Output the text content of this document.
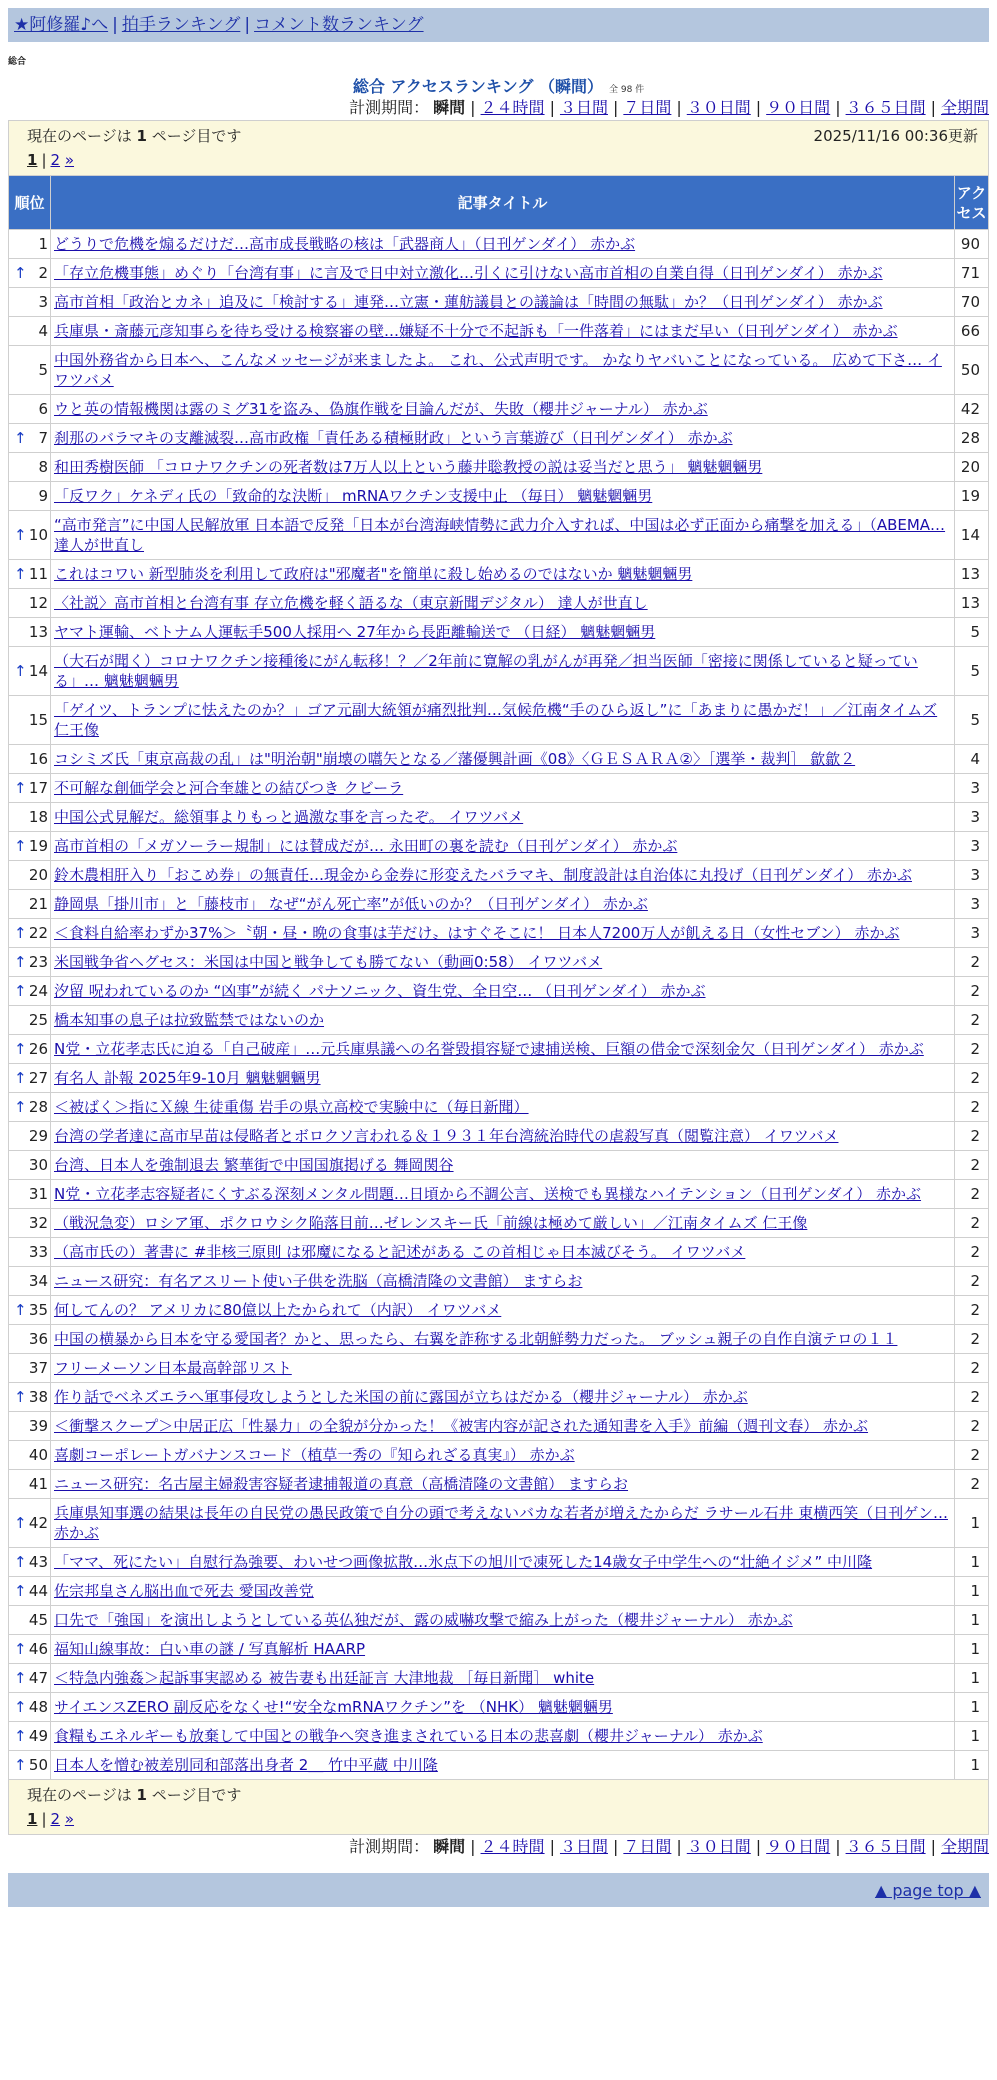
★阿修羅♪へ | 拍手ランキング | コメント数ランキング
総合
総合 アクセスランキング （瞬間） 全 98 件
計測期間： 瞬間 | ２４時間 | ３日間 | ７日間 | ３０日間 | ９０日間 | ３６５日間 | 全期間
現在のページは 1 ページ目です	2025/11/16 00:36更新
1 | 2 »
順位	記事タイトル	アクセス
1	どうりで危機を煽るだけだ…高市成長戦略の核は「武器商人」（日刊ゲンダイ） 赤かぶ	90

↑ 2	「存立危機事態」めぐり「台湾有事」に言及で日中対立激化…引くに引けない高市首相の自業自得（日刊ゲンダイ） 赤かぶ	71
3	高市首相「政治とカネ」追及に「検討する」連発…立憲・蓮舫議員との議論は「時間の無駄」か？（日刊ゲンダイ） 赤かぶ	70
4	兵庫県・斎藤元彦知事らを待ち受ける検察審の壁…嫌疑不十分で不起訴も「一件落着」にはまだ早い（日刊ゲンダイ） 赤かぶ	66
5	中国外務省から日本へ、こんなメッセージが来ましたよ。 これ、公式声明です。 かなりヤバいことになっている。 広めて下さ… イワツバメ	50
6	ウと英の情報機関は露のミグ31を盗み、偽旗作戦を目論んだが、失敗（櫻井ジャーナル） 赤かぶ	42

↑ 7	刹那のバラマキの支離滅裂…高市政権「責任ある積極財政」という言葉遊び（日刊ゲンダイ） 赤かぶ	28
8	和田秀樹医師 「コロナワクチンの死者数は7万人以上という藤井聡教授の説は妥当だと思う」 魑魅魍魎男	20
9	「反ワク」ケネディ氏の「致命的な決断」 mRNAワクチン支援中止 （毎日） 魑魅魍魎男	19

↑ 10	“高市発言”に中国人民解放軍 日本語で反発「日本が台湾海峡情勢に武力介入すれば、中国は必ず正面から痛撃を加える」（ABEMA… 達人が世直し	14

↑ 11	これはコワい 新型肺炎を利用して政府は"邪魔者"を簡単に殺し始めるのではないか 魑魅魍魎男	13
12	〈社説〉高市首相と台湾有事 存立危機を軽く語るな（東京新聞デジタル） 達人が世直し	13
13	ヤマト運輸、ベトナム人運転手500人採用へ 27年から長距離輸送で （日経） 魑魅魍魎男	5

↑ 14	（大石が聞く）コロナワクチン接種後にがん転移！？／2年前に寛解の乳がんが再発／担当医師「密接に関係していると疑っている」… 魑魅魍魎男	5
15	「ゲイツ、トランプに怯えたのか？」ゴア元副大統領が痛烈批判…気候危機“手のひら返し”に「あまりに愚かだ！」／江南タイムズ 仁王像	5
16	コシミズ氏「東京高裁の乱」は"明治朝"崩壊の嚆矢となる／藩優興計画《08》〈ＧＥＳＡＲＡ②〉［選挙・裁判］ 歙歙２	4

↑ 17	不可解な創価学会と河合奎雄との結びつき クビーラ	3
18	中国公式見解だ。総領事よりもっと過激な事を言ったぞ。 イワツバメ	3

↑ 19	高市首相の「メガソーラー規制」には賛成だが… 永田町の裏を読む（日刊ゲンダイ） 赤かぶ	3
20	鈴木農相肝入り「おこめ券」の無責任…現金から金券に形変えたバラマキ、制度設計は自治体に丸投げ（日刊ゲンダイ） 赤かぶ	3
21	静岡県「掛川市」と「藤枝市」 なぜ“がん死亡率”が低いのか？（日刊ゲンダイ） 赤かぶ	3

↑ 22	＜食料自給率わずか37%＞〝朝・昼・晩の食事は芋だけ〟はすぐそこに！ 日本人7200万人が飢える日（女性セブン） 赤かぶ	3

↑ 23	米国戦争省ヘグセス：米国は中国と戦争しても勝てない（動画0:58） イワツバメ	2

↑ 24	汐留 呪われているのか “凶事”が続く パナソニック、資生党、全日空… （日刊ゲンダイ） 赤かぶ	2
25	橋本知事の息子は拉致監禁ではないのか	2

↑ 26	N党・立花孝志氏に迫る「自己破産」…元兵庫県議への名誉毀損容疑で逮捕送検、巨額の借金で深刻金欠（日刊ゲンダイ） 赤かぶ	2

↑ 27	有名人 訃報 2025年9-10月 魑魅魍魎男	2

↑ 28	＜被ばく＞指にＸ線 生徒重傷 岩手の県立高校で実験中に（毎日新聞）	2
29	台湾の学者達に高市早苗は侵略者とボロクソ言われる＆１９３１年台湾統治時代の虐殺写真（閲覧注意） イワツバメ	2
30	台湾、日本人を強制退去 繁華街で中国国旗掲げる 舞岡関谷	2
31	N党・立花孝志容疑者にくすぶる深刻メンタル問題…日頃から不調公言、送検でも異様なハイテンション（日刊ゲンダイ） 赤かぶ	2
32	（戦況急変）ロシア軍、ポクロウシク陥落目前…ゼレンスキー氏「前線は極めて厳しい」／江南タイムズ 仁王像	2
33	（高市氏の）著書に #非核三原則 は邪魔になると記述がある この首相じゃ日本滅びそう。 イワツバメ	2
34	ニュース研究：有名アスリート使い子供を洗脳（高橋清隆の文書館） ますらお	2

↑ 35	何してんの？ アメリカに80億以上たかられて（内訳） イワツバメ	2
36	中国の横暴から日本を守る愛国者？かと、思ったら、右翼を詐称する北朝鮮勢力だった。 ブッシュ親子の自作自演テロの１１	2
37	フリーメーソン日本最高幹部リスト	2

↑ 38	作り話でベネズエラへ軍事侵攻しようとした米国の前に露国が立ちはだかる（櫻井ジャーナル） 赤かぶ	2
39	＜衝撃スクープ＞中居正広「性暴力」の全貌が分かった！《被害内容が記された通知書を入手》前編（週刊文春） 赤かぶ	2
40	喜劇コーポレートガバナンスコード（植草一秀の『知られざる真実』） 赤かぶ	2
41	ニュース研究：名古屋主婦殺害容疑者逮捕報道の真意（高橋清隆の文書館） ますらお	2

↑ 42	兵庫県知事選の結果は長年の自民党の愚民政策で自分の頭で考えないバカな若者が増えたからだ ラサール石井 東横西笑（日刊ゲン… 赤かぶ	1

↑ 43	「ママ、死にたい」自慰行為強要、わいせつ画像拡散…氷点下の旭川で凍死した14歳女子中学生への“壮絶イジメ” 中川隆	1

↑ 44	佐宗邦皇さん脳出血で死去 愛国改善党	1
45	口先で「強国」を演出しようとしている英仏独だが、露の威嚇攻撃で縮み上がった（櫻井ジャーナル） 赤かぶ	1

↑ 46	福知山線事故：白い車の謎 / 写真解析 HAARP	1

↑ 47	＜特急内強姦＞起訴事実認める 被告妻も出廷証言 大津地裁 ［毎日新聞］ white	1

↑ 48	サイエンスZERO 副反応をなくせ!“安全なmRNAワクチン”を （NHK） 魑魅魍魎男	1

↑ 49	食糧もエネルギーも放棄して中国との戦争へ突き進まされている日本の悲喜劇（櫻井ジャーナル） 赤かぶ	1

↑ 50	日本人を憎む被差別同和部落出身者 2＿ 竹中平蔵 中川隆	1
現在のページは 1 ページ目です
1 | 2 »
計測期間： 瞬間 | ２４時間 | ３日間 | ７日間 | ３０日間 | ９０日間 | ３６５日間 | 全期間
▲ page top ▲
